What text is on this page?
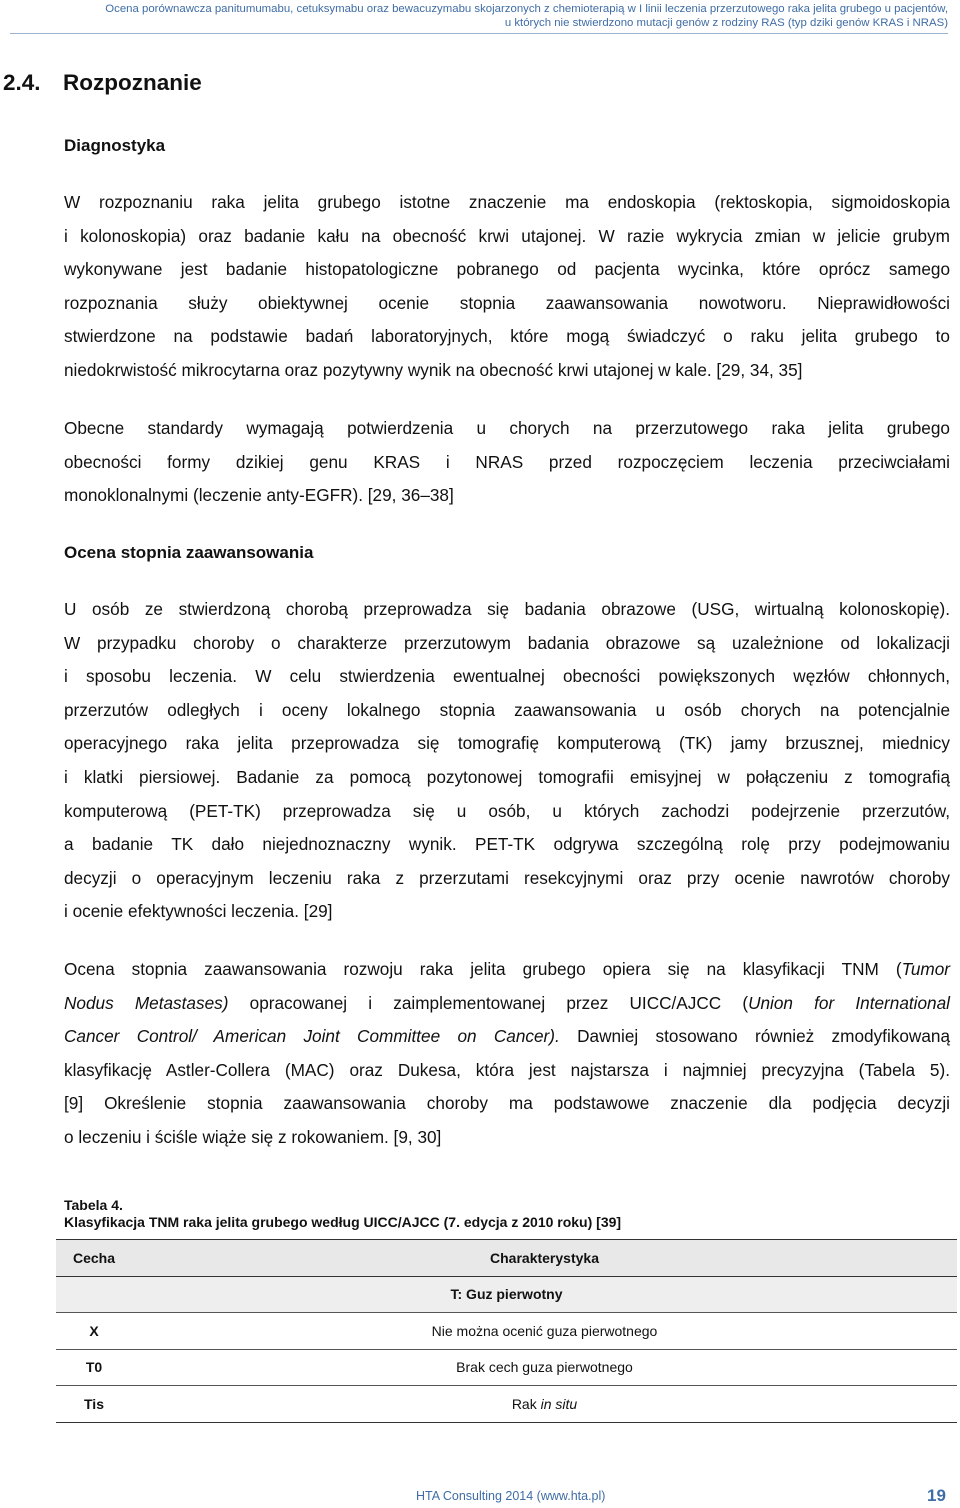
Ocena porównawcza panitumumabu, cetuksymabu oraz bewacuzymabu skojarzonych z chemioterapią w I linii leczenia przerzutowego raka jelita grubego u pacjentów,
u których nie stwierdzono mutacji genów z rodziny RAS (typ dziki genów KRAS i NRAS)
2.4. Rozpoznanie
Diagnostyka

W rozpoznaniu raka jelita grubego istotne znaczenie ma endoskopia (rektoskopia, sigmoidoskopia
i kolonoskopia) oraz badanie kału na obecność krwi utajonej. W razie wykrycia zmian w jelicie grubym
wykonywane jest badanie histopatologiczne pobranego od pacjenta wycinka, które oprócz samego
rozpoznania służy obiektywnej ocenie stopnia zaawansowania nowotworu. Nieprawidłowości
stwierdzone na podstawie badań laboratoryjnych, które mogą świadczyć o raku jelita grubego to
niedokrwistość mikrocytarna oraz pozytywny wynik na obecność krwi utajonej w kale. [29, 34, 35]

Obecne standardy wymagają potwierdzenia u chorych na przerzutowego raka jelita grubego
obecności formy dzikiej genu KRAS i NRAS przed rozpoczęciem leczenia przeciwciałami
monoklonalnymi (leczenie anty-EGFR). [29, 36–38]

Ocena stopnia zaawansowania

U osób ze stwierdzoną chorobą przeprowadza się badania obrazowe (USG, wirtualną kolonoskopię).
W przypadku choroby o charakterze przerzutowym badania obrazowe są uzależnione od lokalizacji
i sposobu leczenia. W celu stwierdzenia ewentualnej obecności powiększonych węzłów chłonnych,
przerzutów odległych i oceny lokalnego stopnia zaawansowania u osób chorych na potencjalnie
operacyjnego raka jelita przeprowadza się tomografię komputerową (TK) jamy brzusznej, miednicy
i klatki piersiowej. Badanie za pomocą pozytonowej tomografii emisyjnej w połączeniu z tomografią
komputerową (PET-TK) przeprowadza się u osób, u których zachodzi podejrzenie przerzutów,
a badanie TK dało niejednoznaczny wynik. PET-TK odgrywa szczególną rolę przy podejmowaniu
decyzji o operacyjnym leczeniu raka z przerzutami resekcyjnymi oraz przy ocenie nawrotów choroby
i ocenie efektywności leczenia. [29]

Ocena stopnia zaawansowania rozwoju raka jelita grubego opiera się na klasyfikacji TNM (Tumor
Nodus Metastases) opracowanej i zaimplementowanej przez UICC/AJCC (Union for International
Cancer Control/ American Joint Committee on Cancer). Dawniej stosowano również zmodyfikowaną
klasyfikację Astler-Collera (MAC) oraz Dukesa, która jest najstarsza i najmniej precyzyjna (Tabela 5).
[9] Określenie stopnia zaawansowania choroby ma podstawowe znaczenie dla podjęcia decyzji
o leczeniu i ściśle wiąże się z rokowaniem. [9, 30]

Tabela 4.
Klasyfikacja TNM raka jelita grubego według UICC/AJCC (7. edycja z 2010 roku) [39]
Cecha	Charakterystyka
T: Guz pierwotny	
X	Nie można ocenić guza pierwotnego
T0	Brak cech guza pierwotnego
Tis	Rak in situ
HTA Consulting 2014 (www.hta.pl)	19
